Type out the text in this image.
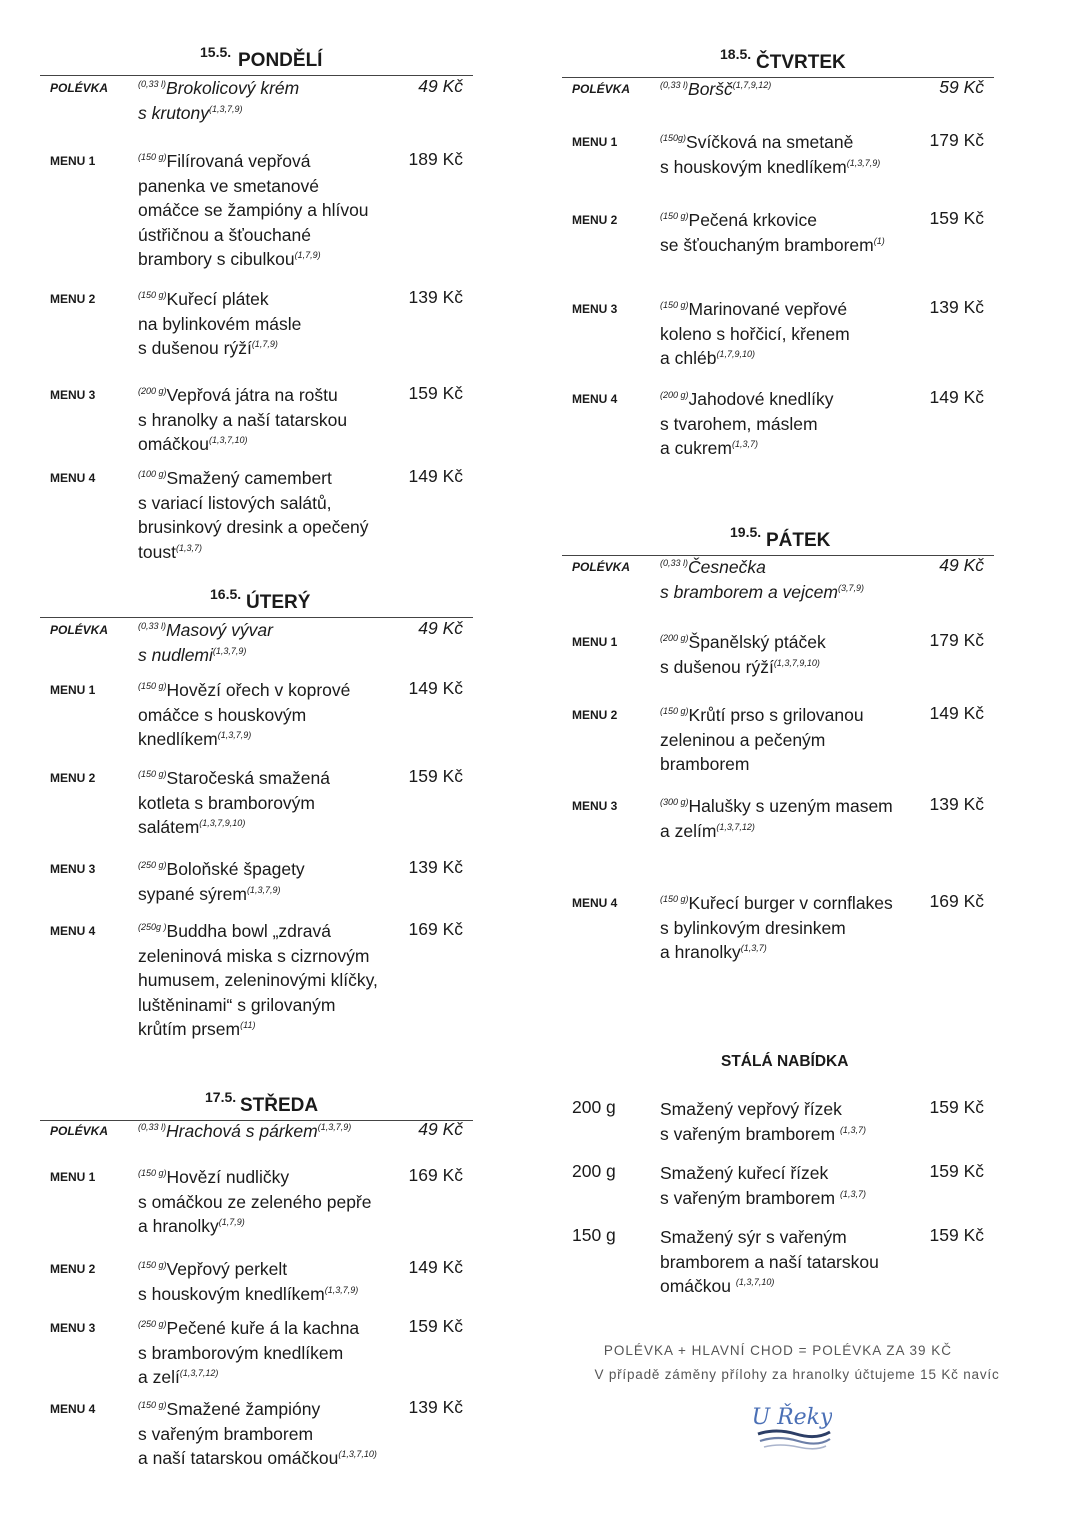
15.5. PONDĚLÍ
POLÉVKA	$^{(0,33 l)}$Brokolicový krém
s krutony$^{(1,3,7,9)}$
49 Kč
MENU 1	$^{(150 g)}$Filírovaná vepřová
panenka ve smetanové
omáčce se žampióny a hlívou
ústřičnou a šťouchané
brambory s cibulkou$^{(1,7,9)}$
189 Kč
MENU 2	$^{(150 g)}$Kuřecí plátek
na bylinkovém másle
s dušenou rýží$^{(1,7,9)}$
139 Kč
MENU 3	$^{(200 g)}$Vepřová játra na roštu
s hranolky a naší tatarskou
omáčkou$^{(1,3,7,10)}$
159 Kč
MENU 4	$^{(100 g)}$Smažený camembert
s variací listových salátů,
brusinkový dresink a opečený
toust$^{(1,3,7)}$
149 Kč
16.5. ÚTERÝ
POLÉVKA	$^{(0,33 l)}$Masový vývar
s nudlemi$^{(1,3,7,9)}$
49 Kč
MENU 1	$^{(150 g)}$Hovězí ořech v koprové
omáčce s houskovým
knedlíkem$^{(1,3,7,9)}$
149 Kč
MENU 2	$^{(150 g)}$Staročeská smažená
kotleta s bramborovým
salátem$^{(1,3,7,9,10)}$
159 Kč
MENU 3	$^{(250 g)}$Boloňské špagety
sypané sýrem$^{(1,3,7,9)}$
139 Kč
MENU 4	$^{(250g )}$Buddha bowl „zdravá
zeleninová miska s cizrnovým
humusem, zeleninovými klíčky,
luštěninami“ s grilovaným
krůtím prsem$^{(11)}$
169 Kč
17.5. STŘEDA
POLÉVKA	$^{(0,33 l)}$Hrachová s párkem$^{(1,3,7,9)}$	49 Kč
MENU 1	$^{(150 g)}$Hovězí nudličky
s omáčkou ze zeleného pepře
a hranolky$^{(1,7,9)}$
169 Kč
MENU 2	$^{(150 g)}$Vepřový perkelt
s houskovým knedlíkem$^{(1,3,7,9)}$
149 Kč
MENU 3	$^{(250 g)}$Pečené kuře á la kachna
s bramborovým knedlíkem
a zelí$^{(1,3,7,12)}$
159 Kč
MENU 4	$^{(150 g)}$Smažené žampióny
s vařeným bramborem
a naší tatarskou omáčkou$^{(1,3,7,10)}$
139 Kč
18.5. ČTVRTEK
POLÉVKA	$^{(0,33 l)}$Boršč$^{(1,7,9,12)}$	59 Kč
MENU 1	$^{(150g)}$Svíčková na smetaně
s houskovým knedlíkem$^{(1,3,7,9)}$
179 Kč
MENU 2	$^{(150 g)}$Pečená krkovice
se šťouchaným bramborem$^{(1)}$
159 Kč
MENU 3	$^{(150 g)}$Marinované vepřové
koleno s hořčicí, křenem
a chléb$^{(1,7,9,10)}$
139 Kč
MENU 4	$^{(200 g)}$Jahodové knedlíky
s tvarohem, máslem
a cukrem$^{(1,3,7)}$
149 Kč
19.5. PÁTEK
POLÉVKA	$^{(0,33 l)}$Česnečka
s bramborem a vejcem$^{(3,7,9)}$
49 Kč
MENU 1	$^{(200 g)}$Španělský ptáček
s dušenou rýží$^{(1,3,7,9,10)}$
179 Kč
MENU 2	$^{(150 g)}$Krůtí prso s grilovanou
zeleninou a pečeným
bramborem
149 Kč
MENU 3	$^{(300 g)}$Halušky s uzeným masem
a zelím$^{(1,3,7,12)}$
139 Kč
MENU 4	$^{(150 g)}$Kuřecí burger v cornflakes
s bylinkovým dresinkem
a hranolky$^{(1,3,7)}$
169 Kč
STÁLÁ NABÍDKA
200 g	Smažený vepřový řízek
s vařeným bramborem $^{(1,3,7)}$
159 Kč
200 g	Smažený kuřecí řízek
s vařeným bramborem $^{(1,3,7)}$
159 Kč
150 g	Smažený sýr s vařeným
bramborem a naší tatarskou
omáčkou $^{(1,3,7,10)}$
159 Kč
POLÉVKA + HLAVNÍ CHOD = POLÉVKA ZA 39 KČ
V případě záměny přílohy za hranolky účtujeme 15 Kč navíc
U Řeky
